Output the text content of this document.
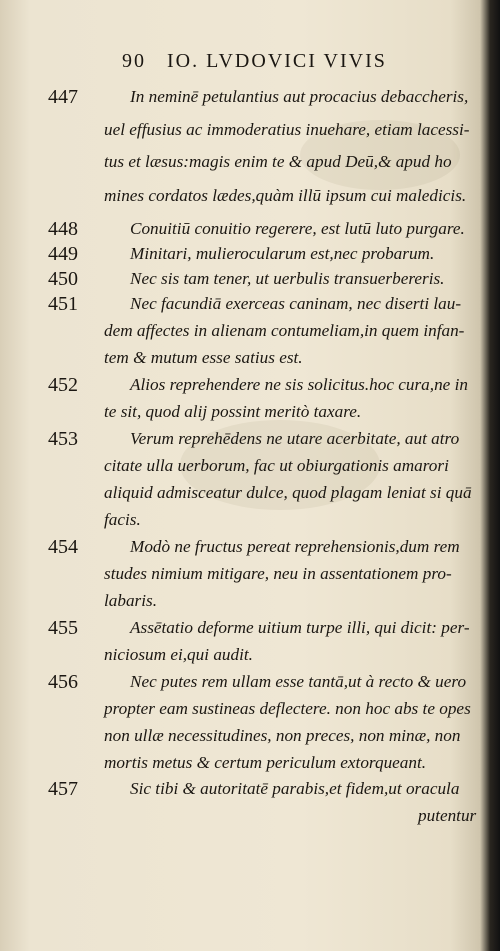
90 IO. LVDOVICI VIVIS
447	In neminē petulantius aut procacius debaccheris,
uel effusius ac immoderatius inuehare, etiam lacessi-
tus et læsus:magis enim te & apud Deū,& apud ho
mines cordatos lædes,quàm illū ipsum cui maledicis.
448	Conuitiū conuitio regerere, est lutū luto purgare.
449	Minitari, mulierocularum est,nec probarum.
450	Nec sis tam tener, ut uerbulis transuerbereris.
451	Nec facundiā exerceas caninam, nec diserti lau-
dem affectes in alienam contumeliam,in quem infan-
tem & mutum esse satius est.
452	Alios reprehendere ne sis solicitus.hoc cura,ne in
te sit, quod alij possint meritò taxare.
453	Verum reprehēdens ne utare acerbitate, aut atro
citate ulla uerborum, fac ut obiurgationis amarori
aliquid admisceatur dulce, quod plagam leniat si quā
facis.
454	Modò ne fructus pereat reprehensionis,dum rem
studes nimium mitigare, neu in assentationem pro-
labaris.
455	Assētatio deforme uitium turpe illi, qui dicit: per-
niciosum ei,qui audit.
456	Nec putes rem ullam esse tantā,ut à recto & uero
propter eam sustineas deflectere. non hoc abs te opes
non ullæ necessitudines, non preces, non minæ, non
mortis metus & certum periculum extorqueant.
457	Sic tibi & autoritatē parabis,et fidem,ut oracula
putentur
